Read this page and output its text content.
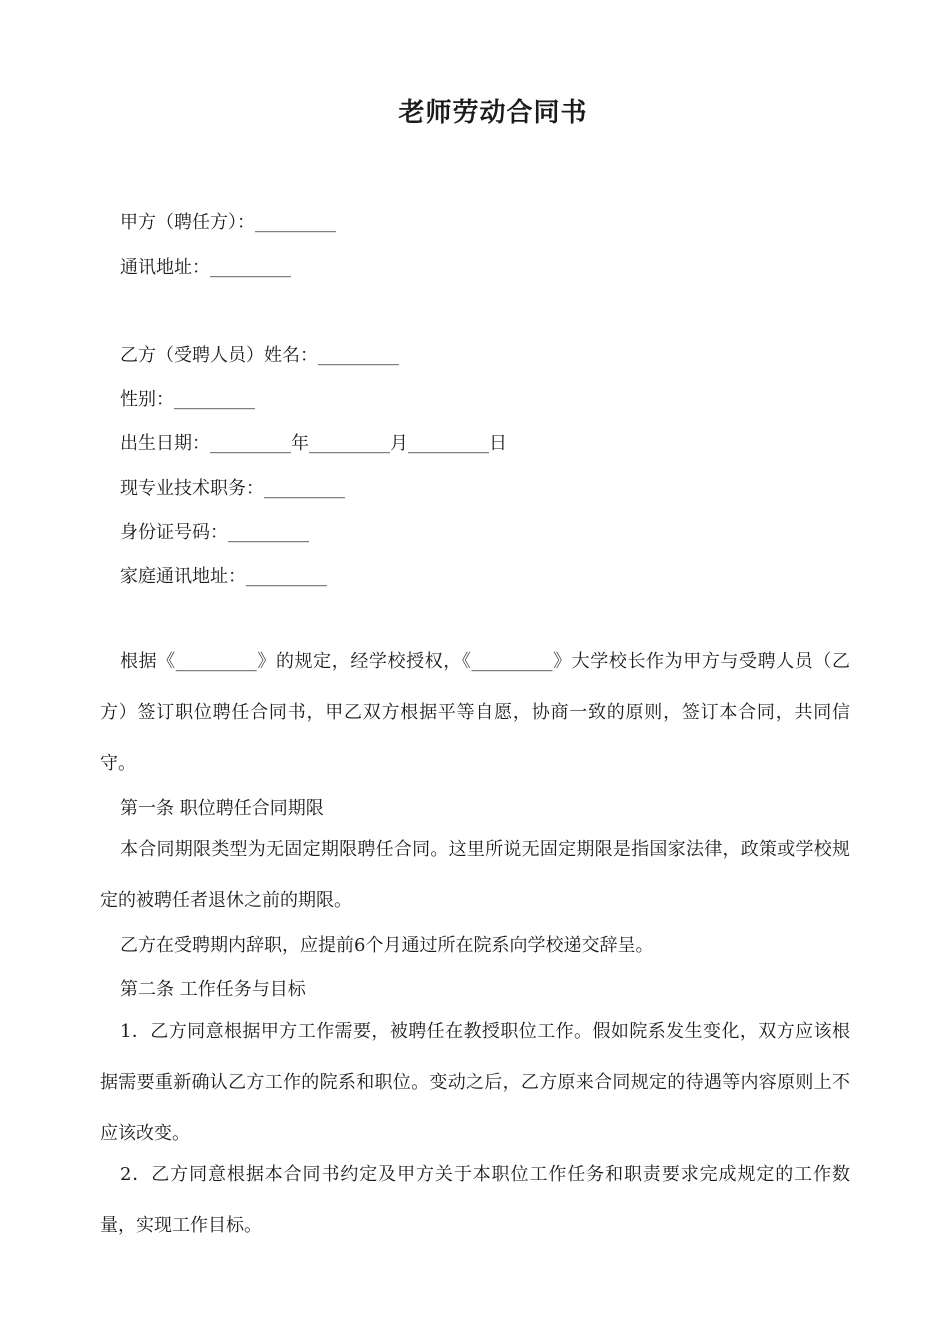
老师劳动合同书
甲方（聘任方）：_________
通讯地址：_________
乙方（受聘人员）姓名：_________
性别：_________
出生日期：_________年_________月_________日
现专业技术职务：_________
身份证号码：_________
家庭通讯地址：_________
根据《_________》的规定，经学校授权，《_________》大学校长作为甲方与受聘人员（乙方）签订职位聘任合同书，甲乙双方根据平等自愿，协商一致的原则，签订本合同，共同信守。
第一条 职位聘任合同期限
本合同期限类型为无固定期限聘任合同。这里所说无固定期限是指国家法律，政策或学校规定的被聘任者退休之前的期限。
乙方在受聘期内辞职，应提前6个月通过所在院系向学校递交辞呈。
第二条 工作任务与目标
1．乙方同意根据甲方工作需要，被聘任在教授职位工作。假如院系发生变化，双方应该根据需要重新确认乙方工作的院系和职位。变动之后，乙方原来合同规定的待遇等内容原则上不应该改变。
2．乙方同意根据本合同书约定及甲方关于本职位工作任务和职责要求完成规定的工作数量，实现工作目标。
